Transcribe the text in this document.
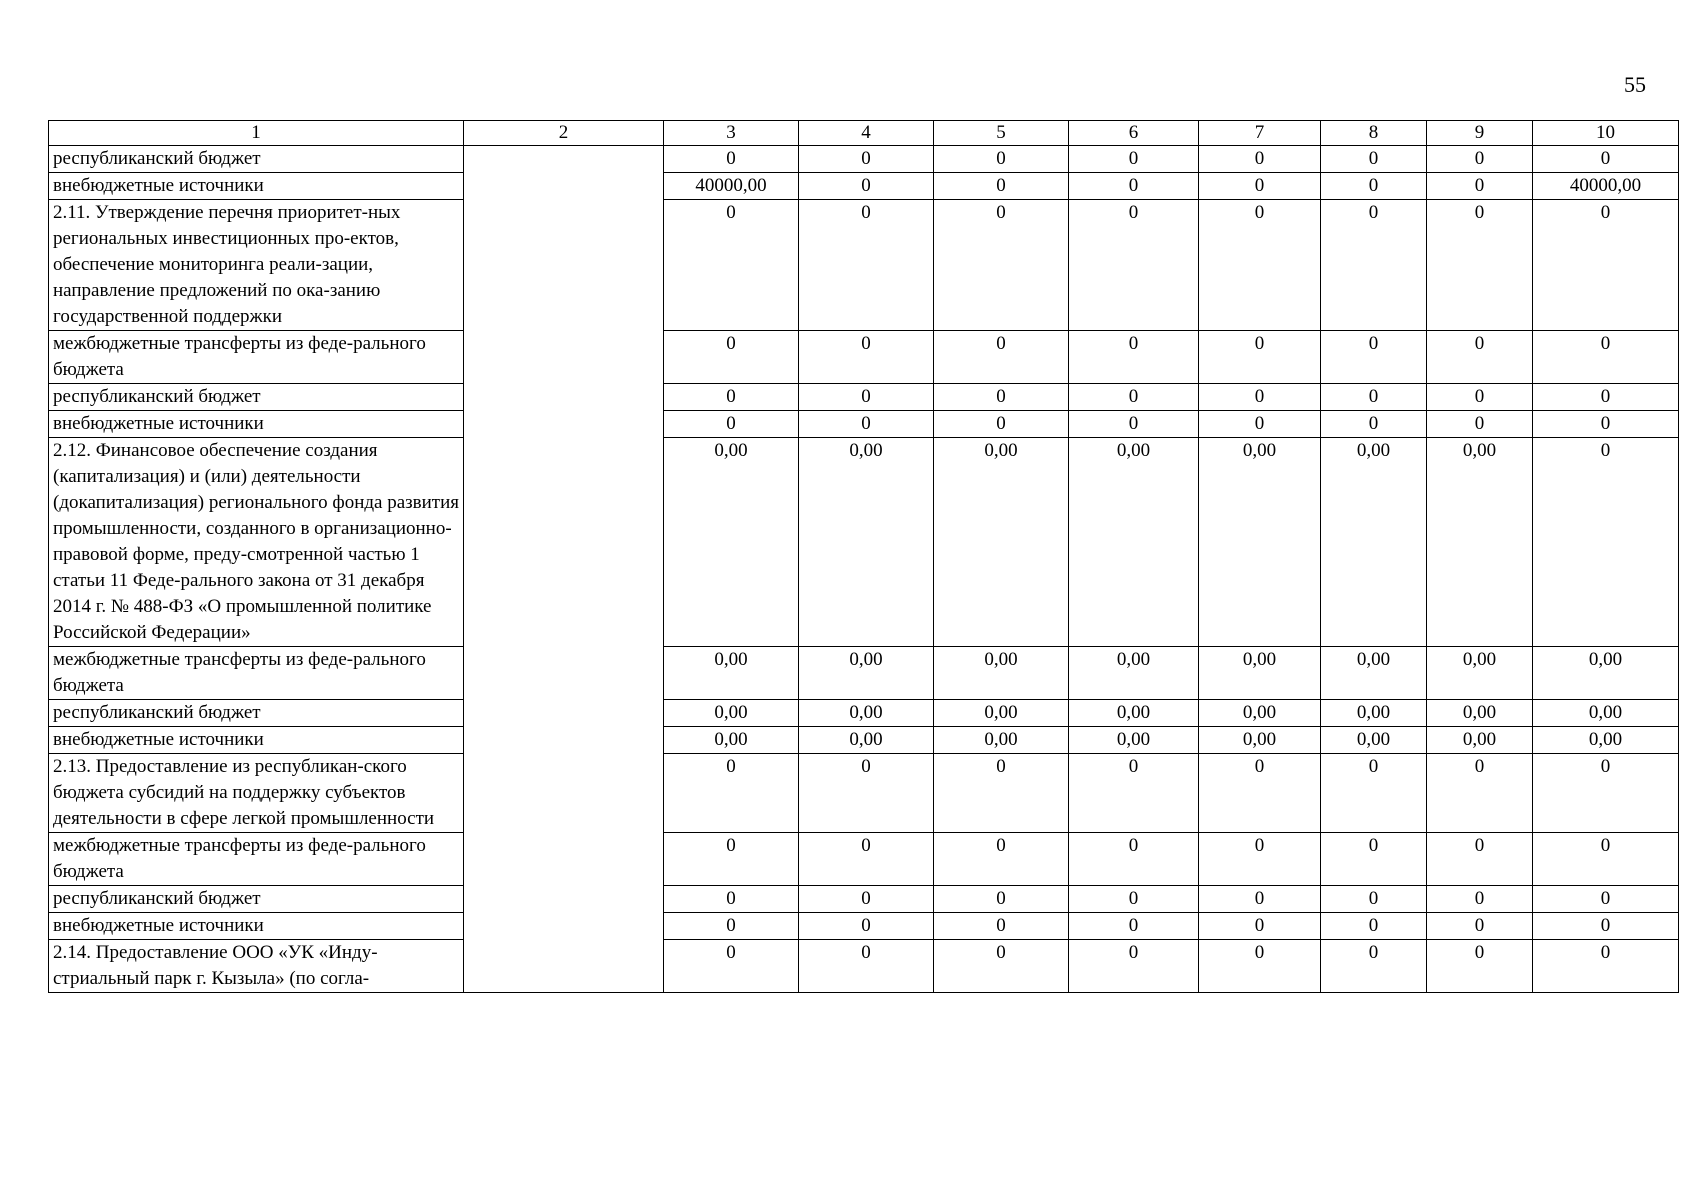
55
1	2	3	4	5	6	7	8	9	10
республиканский бюджет		0	0	0	0	0	0	0	0
внебюджетные источники		40000,00	0	0	0	0	0	0	40000,00
2.11. Утверждение перечня приоритет-ных региональных инвестиционных про-ектов, обеспечение мониторинга реали-зации, направление предложений по ока-занию государственной поддержки		0	0	0	0	0	0	0	0
межбюджетные трансферты из феде-рального бюджета		0	0	0	0	0	0	0	0
республиканский бюджет		0	0	0	0	0	0	0	0
внебюджетные источники		0	0	0	0	0	0	0	0
2.12. Финансовое обеспечение создания (капитализация) и (или) деятельности (докапитализация) регионального фонда развития промышленности, созданного в организационно-правовой форме, преду-смотренной частью 1 статьи 11 Феде-рального закона от 31 декабря 2014 г. № 488-ФЗ «О промышленной политике Российской Федерации»		0,00	0,00	0,00	0,00	0,00	0,00	0,00	0
межбюджетные трансферты из феде-рального бюджета		0,00	0,00	0,00	0,00	0,00	0,00	0,00	0,00
республиканский бюджет		0,00	0,00	0,00	0,00	0,00	0,00	0,00	0,00
внебюджетные источники		0,00	0,00	0,00	0,00	0,00	0,00	0,00	0,00
2.13. Предоставление из республикан-ского бюджета субсидий на поддержку субъектов деятельности в сфере легкой промышленности		0	0	0	0	0	0	0	0
межбюджетные трансферты из феде-рального бюджета		0	0	0	0	0	0	0	0
республиканский бюджет		0	0	0	0	0	0	0	0
внебюджетные источники		0	0	0	0	0	0	0	0
2.14. Предоставление ООО «УК «Инду-стриальный парк г. Кызыла» (по согла-		0	0	0	0	0	0	0	0
